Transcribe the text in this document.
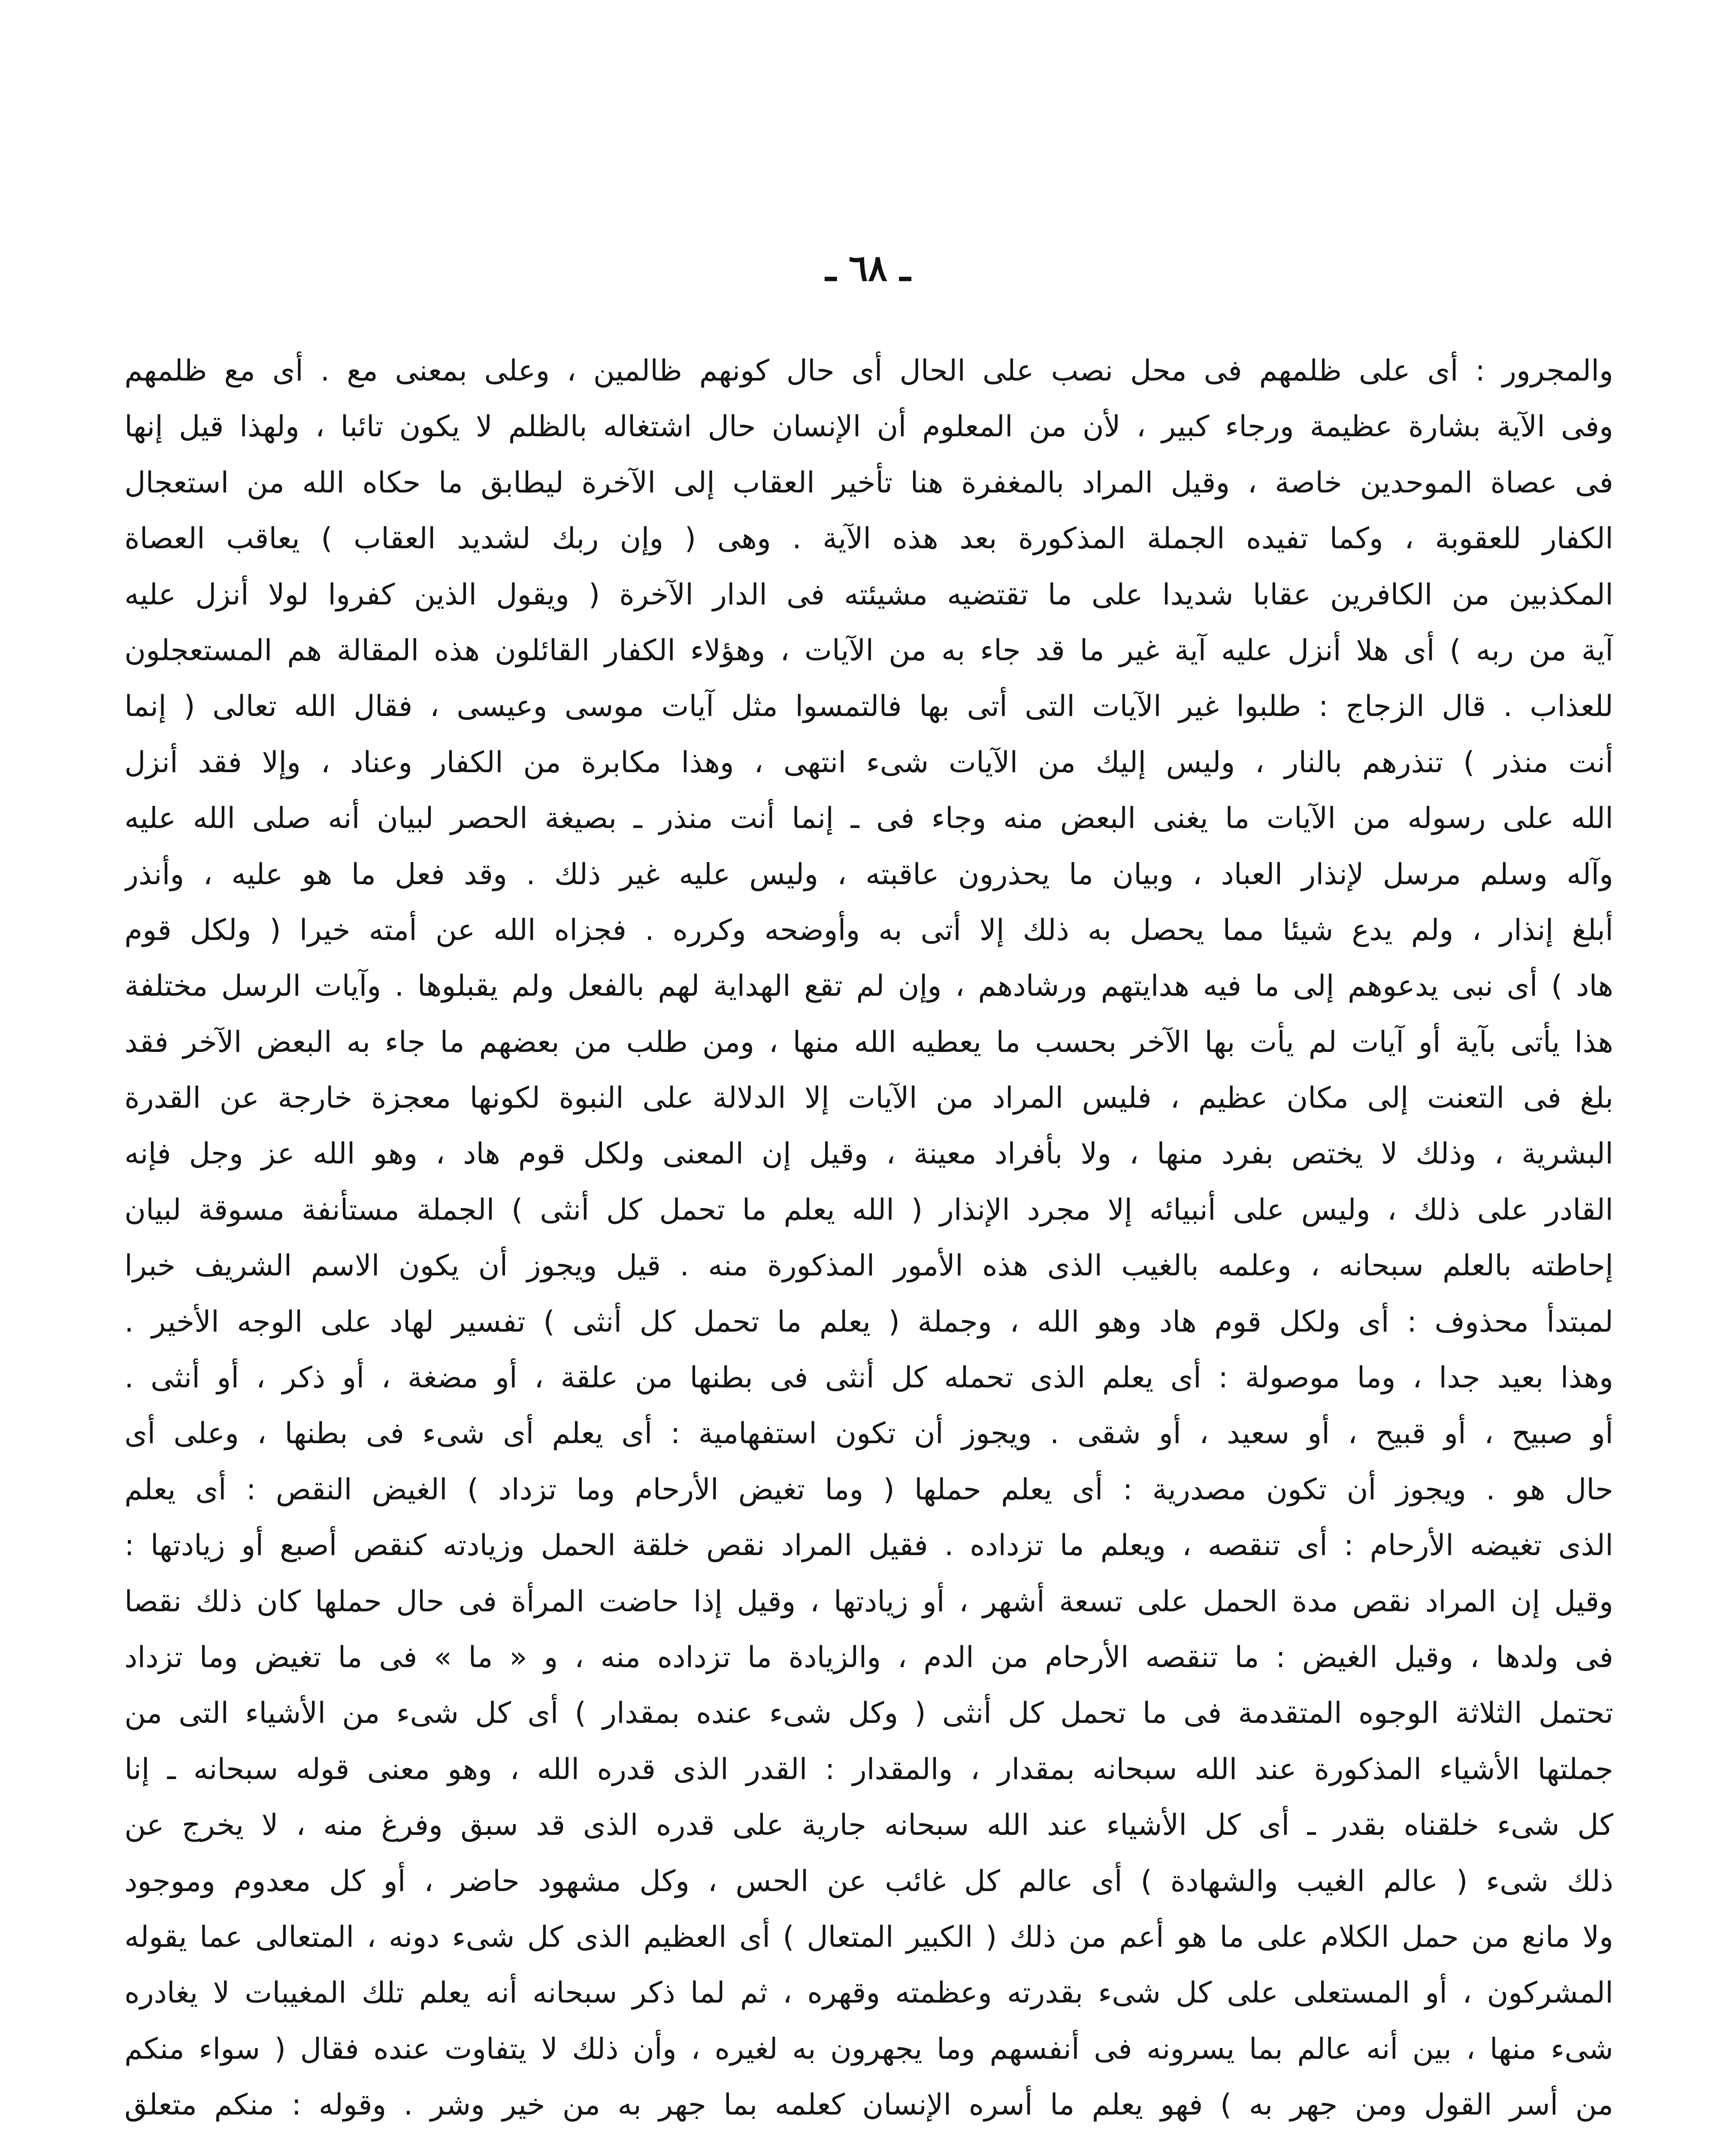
ـ ٦٨ ـ
والمجرور : أى على ظلمهم فى محل نصب على الحال أى حال كونهم ظالمين ، وعلى بمعنى مع . أى مع ظلمهم
وفى الآية بشارة عظيمة ورجاء كبير ، لأن من المعلوم أن الإنسان حال اشتغاله بالظلم لا يكون تائبا ، ولهذا قيل إنها
فى عصاة الموحدين خاصة ، وقيل المراد بالمغفرة هنا تأخير العقاب إلى الآخرة ليطابق ما حكاه الله من استعجال
الكفار للعقوبة ، وكما تفيده الجملة المذكورة بعد هذه الآية . وهى ( وإن ربك لشديد العقاب ) يعاقب العصاة
المكذبين من الكافرين عقابا شديدا على ما تقتضيه مشيئته فى الدار الآخرة ( ويقول الذين كفروا لولا أنزل عليه
آية من ربه ) أى هلا أنزل عليه آية غير ما قد جاء به من الآيات ، وهؤلاء الكفار القائلون هذه المقالة هم المستعجلون
للعذاب . قال الزجاج : طلبوا غير الآيات التى أتى بها فالتمسوا مثل آيات موسى وعيسى ، فقال الله تعالى ( إنما
أنت منذر ) تنذرهم بالنار ، وليس إليك من الآيات شىء انتهى ، وهذا مكابرة من الكفار وعناد ، وإلا فقد أنزل
الله على رسوله من الآيات ما يغنى البعض منه وجاء فى ـ إنما أنت منذر ـ بصيغة الحصر لبيان أنه صلى الله عليه
وآله وسلم مرسل لإنذار العباد ، وبيان ما يحذرون عاقبته ، وليس عليه غير ذلك . وقد فعل ما هو عليه ، وأنذر
أبلغ إنذار ، ولم يدع شيئا مما يحصل به ذلك إلا أتى به وأوضحه وكرره . فجزاه الله عن أمته خيرا ( ولكل قوم
هاد ) أى نبى يدعوهم إلى ما فيه هدايتهم ورشادهم ، وإن لم تقع الهداية لهم بالفعل ولم يقبلوها . وآيات الرسل مختلفة
هذا يأتى بآية أو آيات لم يأت بها الآخر بحسب ما يعطيه الله منها ، ومن طلب من بعضهم ما جاء به البعض الآخر فقد
بلغ فى التعنت إلى مكان عظيم ، فليس المراد من الآيات إلا الدلالة على النبوة لكونها معجزة خارجة عن القدرة
البشرية ، وذلك لا يختص بفرد منها ، ولا بأفراد معينة ، وقيل إن المعنى ولكل قوم هاد ، وهو الله عز وجل فإنه
القادر على ذلك ، وليس على أنبيائه إلا مجرد الإنذار ( الله يعلم ما تحمل كل أنثى ) الجملة مستأنفة مسوقة لبيان
إحاطته بالعلم سبحانه ، وعلمه بالغيب الذى هذه الأمور المذكورة منه . قيل ويجوز أن يكون الاسم الشريف خبرا
لمبتدأ محذوف : أى ولكل قوم هاد وهو الله ، وجملة ( يعلم ما تحمل كل أنثى ) تفسير لهاد على الوجه الأخير .
وهذا بعيد جدا ، وما موصولة : أى يعلم الذى تحمله كل أنثى فى بطنها من علقة ، أو مضغة ، أو ذكر ، أو أنثى .
أو صبيح ، أو قبيح ، أو سعيد ، أو شقى . ويجوز أن تكون استفهامية : أى يعلم أى شىء فى بطنها ، وعلى أى
حال هو . ويجوز أن تكون مصدرية : أى يعلم حملها ( وما تغيض الأرحام وما تزداد ) الغيض النقص : أى يعلم
الذى تغيضه الأرحام : أى تنقصه ، ويعلم ما تزداده . فقيل المراد نقص خلقة الحمل وزيادته كنقص أصبع أو زيادتها :
وقيل إن المراد نقص مدة الحمل على تسعة أشهر ، أو زيادتها ، وقيل إذا حاضت المرأة فى حال حملها كان ذلك نقصا
فى ولدها ، وقيل الغيض : ما تنقصه الأرحام من الدم ، والزيادة ما تزداده منه ، و « ما » فى ما تغيض وما تزداد
تحتمل الثلاثة الوجوه المتقدمة فى ما تحمل كل أنثى ( وكل شىء عنده بمقدار ) أى كل شىء من الأشياء التى من
جملتها الأشياء المذكورة عند الله سبحانه بمقدار ، والمقدار : القدر الذى قدره الله ، وهو معنى قوله سبحانه ـ إنا
كل شىء خلقناه بقدر ـ أى كل الأشياء عند الله سبحانه جارية على قدره الذى قد سبق وفرغ منه ، لا يخرج عن
ذلك شىء ( عالم الغيب والشهادة ) أى عالم كل غائب عن الحس ، وكل مشهود حاضر ، أو كل معدوم وموجود
ولا مانع من حمل الكلام على ما هو أعم من ذلك ( الكبير المتعال ) أى العظيم الذى كل شىء دونه ، المتعالى عما يقوله
المشركون ، أو المستعلى على كل شىء بقدرته وعظمته وقهره ، ثم لما ذكر سبحانه أنه يعلم تلك المغيبات لا يغادره
شىء منها ، بين أنه عالم بما يسرونه فى أنفسهم وما يجهرون به لغيره ، وأن ذلك لا يتفاوت عنده فقال ( سواء منكم
من أسر القول ومن جهر به ) فهو يعلم ما أسره الإنسان كعلمه بما جهر به من خير وشر . وقوله : منكم متعلق
